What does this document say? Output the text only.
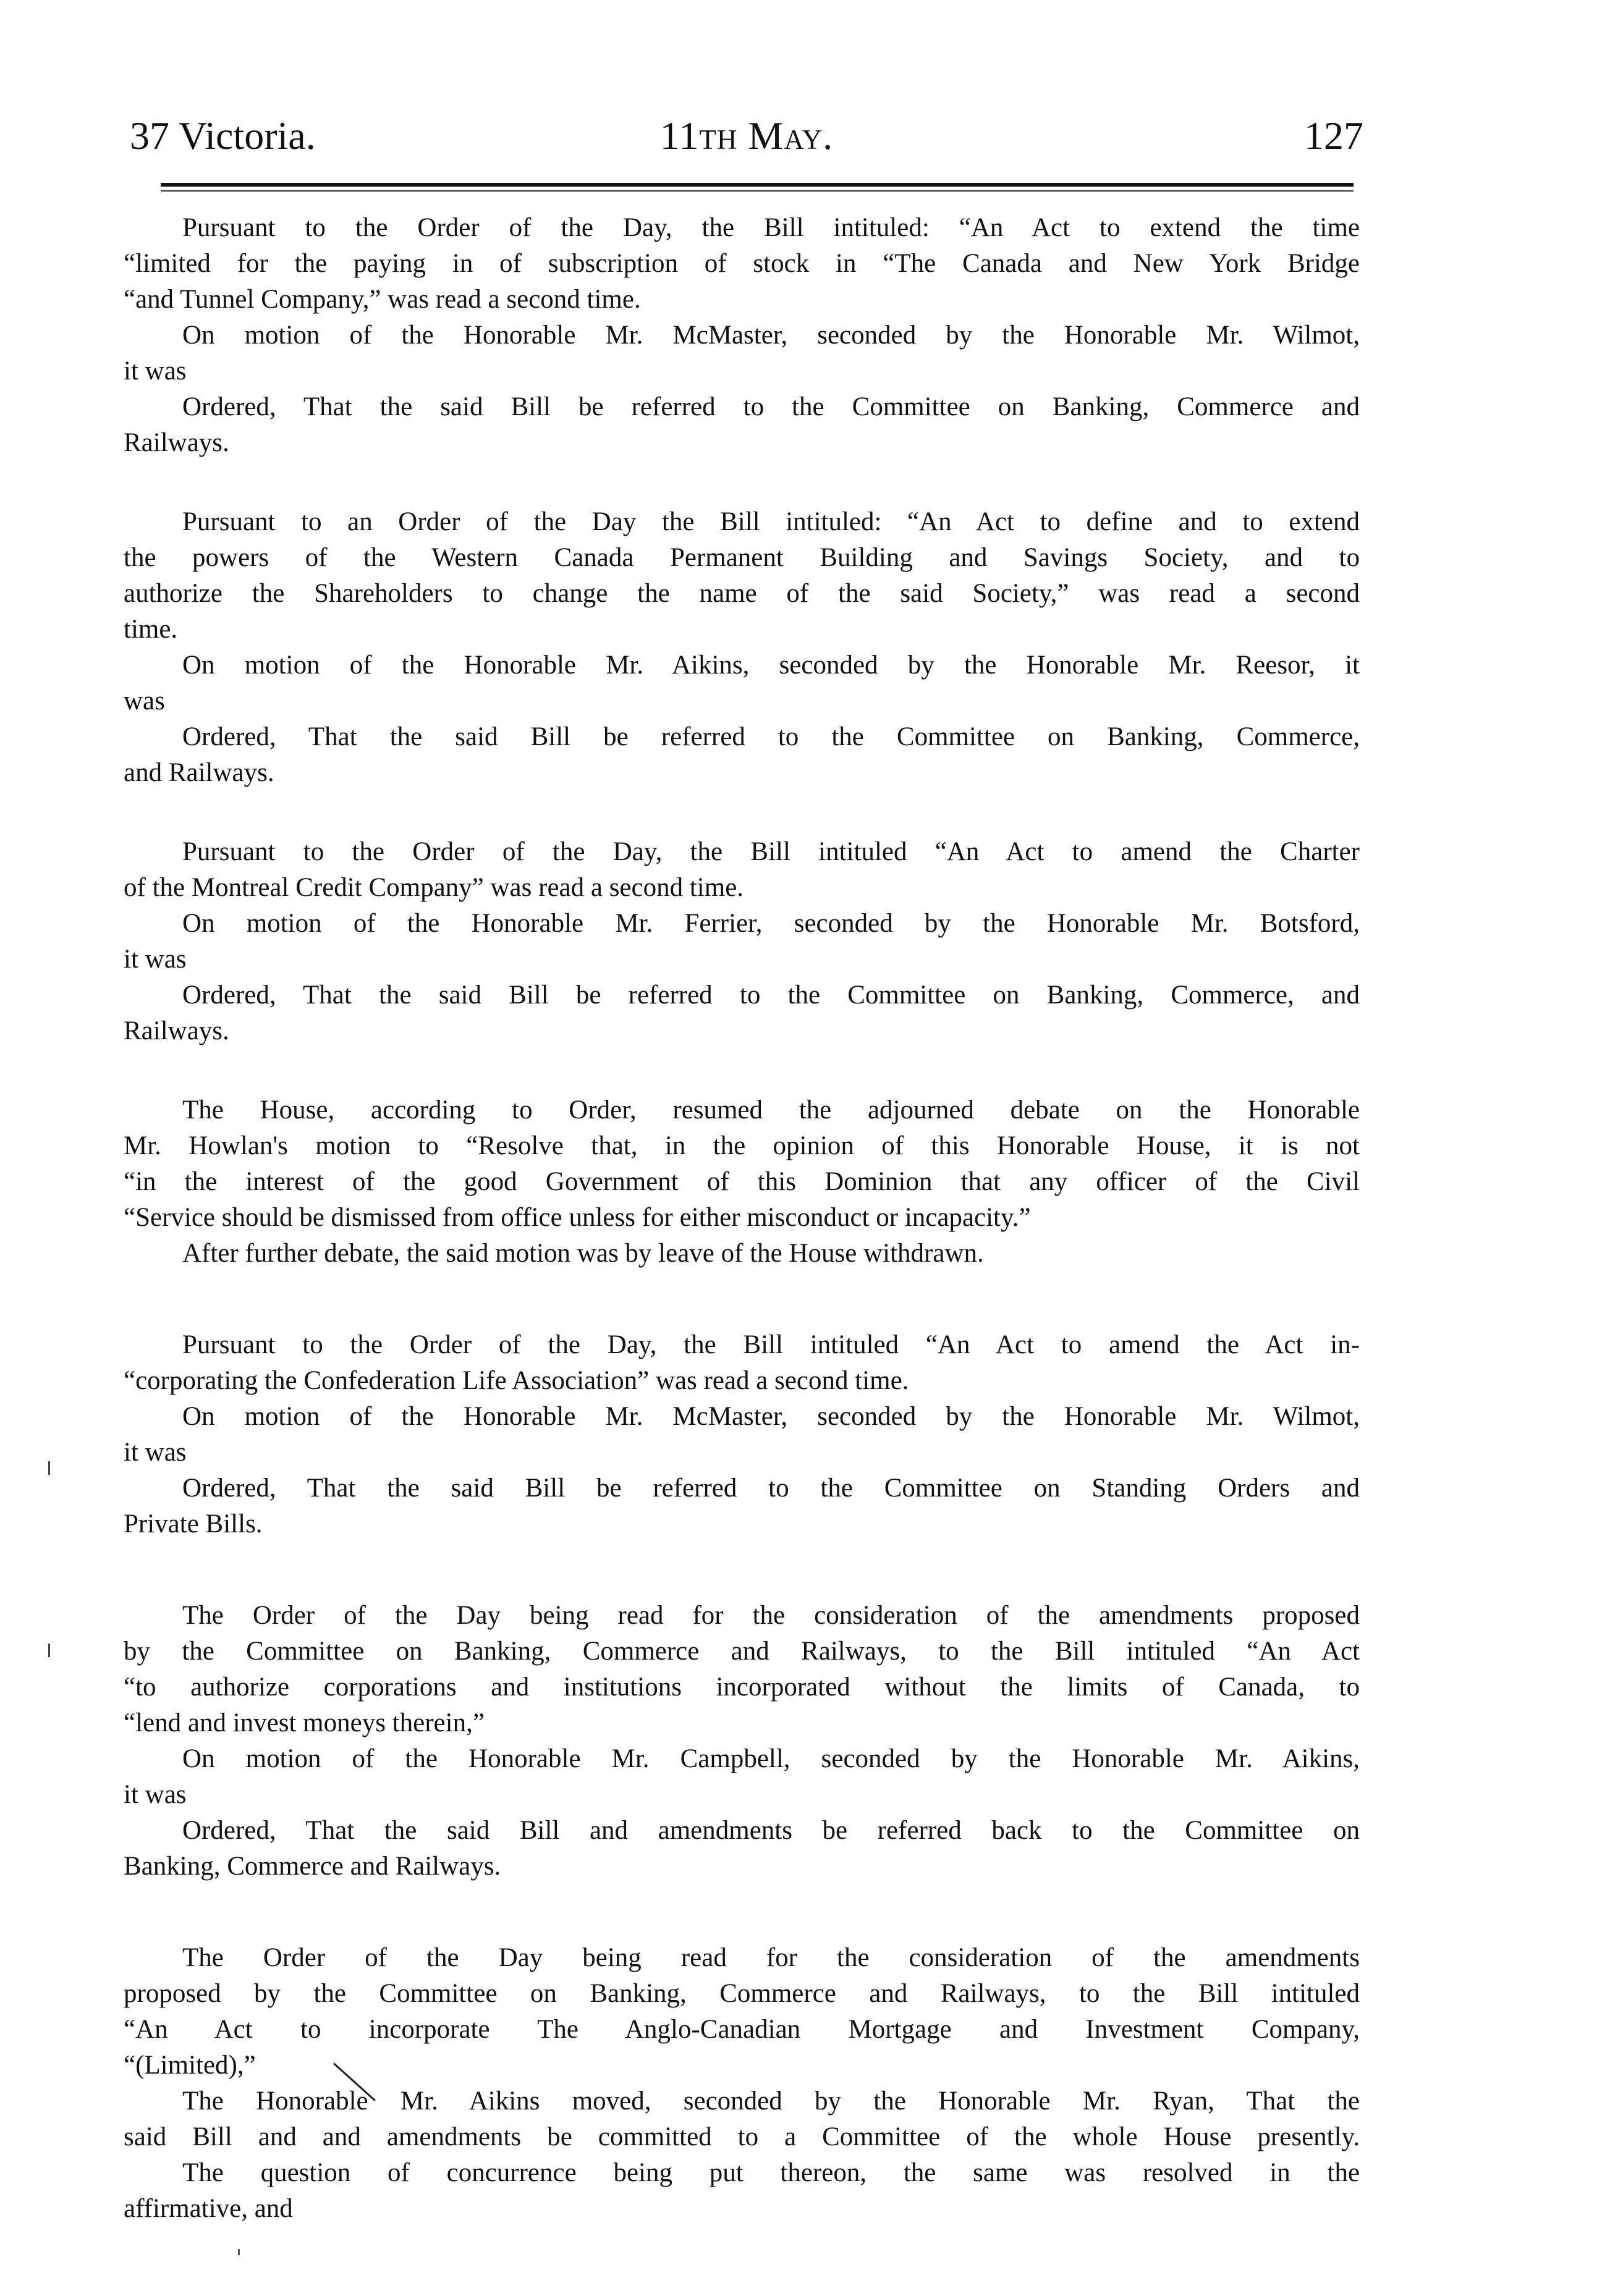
37 Victoria.	11th May.	127
Pursuant to the Order of the Day, the Bill intituled: “An Act to extend the time
“limited for the paying in of subscription of stock in “The Canada and New York Bridge
“and Tunnel Company,” was read a second time.
On motion of the Honorable Mr. McMaster, seconded by the Honorable Mr. Wilmot,
it was
Ordered, That the said Bill be referred to the Committee on Banking, Commerce and
Railways.
Pursuant to an Order of the Day the Bill intituled: “An Act to define and to extend
the powers of the Western Canada Permanent Building and Savings Society, and to
authorize the Shareholders to change the name of the said Society,” was read a second
time.
On motion of the Honorable Mr. Aikins, seconded by the Honorable Mr. Reesor, it
was
Ordered, That the said Bill be referred to the Committee on Banking, Commerce,
and Railways.
Pursuant to the Order of the Day, the Bill intituled “An Act to amend the Charter
of the Montreal Credit Company” was read a second time.
On motion of the Honorable Mr. Ferrier, seconded by the Honorable Mr. Botsford,
it was
Ordered, That the said Bill be referred to the Committee on Banking, Commerce, and
Railways.
The House, according to Order, resumed the adjourned debate on the Honorable
Mr. Howlan's motion to “Resolve that, in the opinion of this Honorable House, it is not
“in the interest of the good Government of this Dominion that any officer of the Civil
“Service should be dismissed from office unless for either misconduct or incapacity.”
After further debate, the said motion was by leave of the House withdrawn.
Pursuant to the Order of the Day, the Bill intituled “An Act to amend the Act in-
“corporating the Confederation Life Association” was read a second time.
On motion of the Honorable Mr. McMaster, seconded by the Honorable Mr. Wilmot,
it was
Ordered, That the said Bill be referred to the Committee on Standing Orders and
Private Bills.
The Order of the Day being read for the consideration of the amendments proposed
by the Committee on Banking, Commerce and Railways, to the Bill intituled “An Act
“to authorize corporations and institutions incorporated without the limits of Canada, to
“lend and invest moneys therein,”
On motion of the Honorable Mr. Campbell, seconded by the Honorable Mr. Aikins,
it was
Ordered, That the said Bill and amendments be referred back to the Committee on
Banking, Commerce and Railways.
The Order of the Day being read for the consideration of the amendments
proposed by the Committee on Banking, Commerce and Railways, to the Bill intituled
“An Act to incorporate The Anglo-Canadian Mortgage and Investment Company,
“(Limited),”
The Honorable Mr. Aikins moved, seconded by the Honorable Mr. Ryan, That the
said Bill and and amendments be committed to a Committee of the whole House presently.
The question of concurrence being put thereon, the same was resolved in the
affirmative, and
